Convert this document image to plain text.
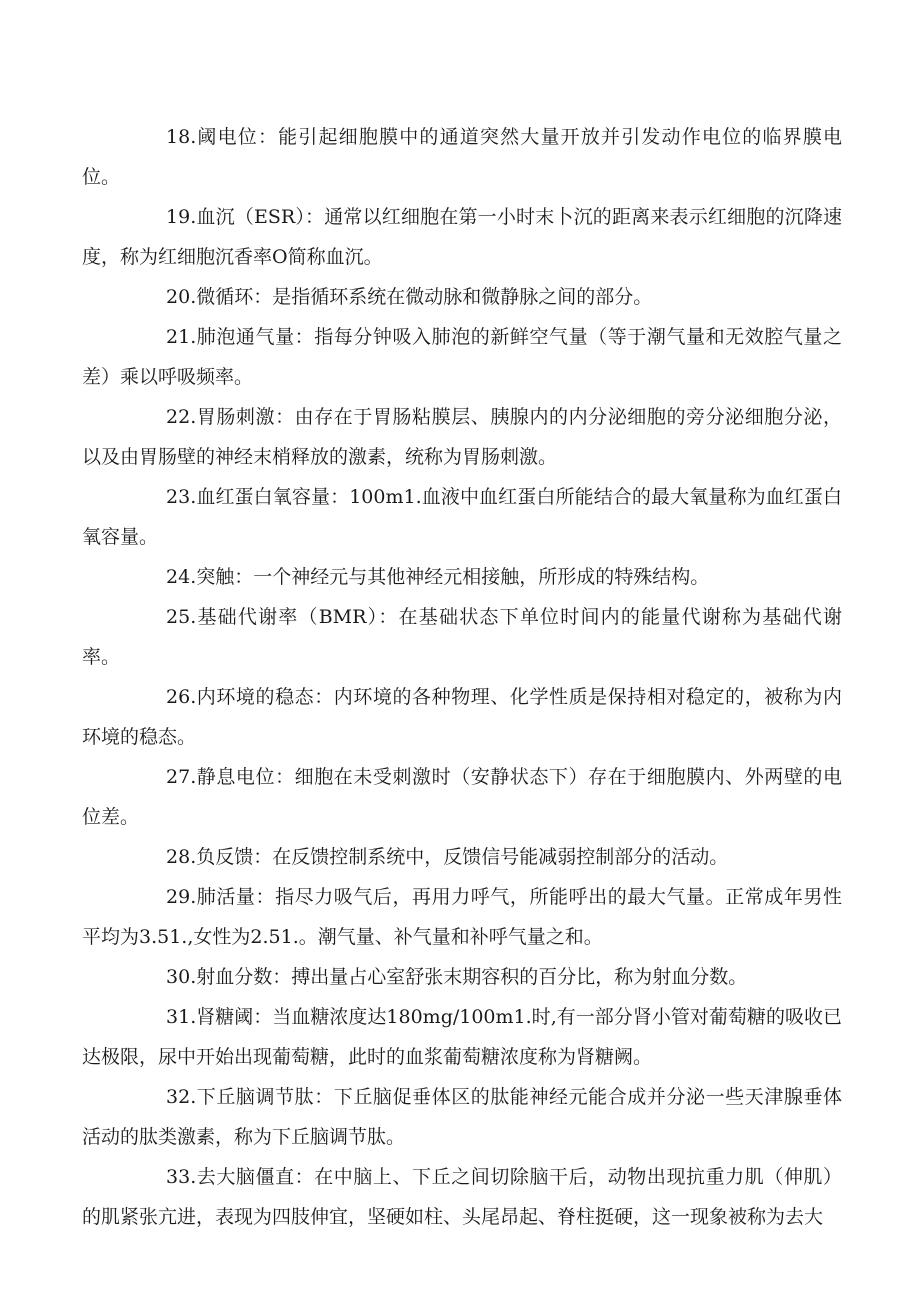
18.阈电位：能引起细胞膜中的通道突然大量开放并引发动作电位的临界膜电位。

19.血沉（ESR）：通常以红细胞在第一小时末卜沉的距离来表示红细胞的沉降速度，称为红细胞沉香率O简称血沉。

20.微循环：是指循环系统在微动脉和微静脉之间的部分。

21.肺泡通气量：指每分钟吸入肺泡的新鲜空气量（等于潮气量和无效腔气量之差）乘以呼吸频率。

22.胃肠刺激：由存在于胃肠粘膜层、胰腺内的内分泌细胞的旁分泌细胞分泌，以及由胃肠壁的神经末梢释放的激素，统称为胃肠刺激。

23.血红蛋白氧容量：100m1.血液中血红蛋白所能结合的最大氧量称为血红蛋白氧容量。

24.突触：一个神经元与其他神经元相接触，所形成的特殊结构。

25.基础代谢率（BMR）：在基础状态下单位时间内的能量代谢称为基础代谢率。

26.内环境的稳态：内环境的各种物理、化学性质是保持相对稳定的，被称为内环境的稳态。

27.静息电位：细胞在未受刺激时（安静状态下）存在于细胞膜内、外两壁的电位差。

28.负反馈：在反馈控制系统中，反馈信号能减弱控制部分的活动。

29.肺活量：指尽力吸气后，再用力呼气，所能呼出的最大气量。正常成年男性平均为3.51.,女性为2.51.。潮气量、补气量和补呼气量之和。

30.射血分数：搏出量占心室舒张末期容积的百分比，称为射血分数。

31.肾糖阈：当血糖浓度达180mg/100m1.时,有一部分肾小管对葡萄糖的吸收已达极限，尿中开始出现葡萄糖，此时的血浆葡萄糖浓度称为肾糖阙。

32.下丘脑调节肽：下丘脑促垂体区的肽能神经元能合成并分泌一些天津腺垂体活动的肽类激素，称为下丘脑调节肽。

33.去大脑僵直：在中脑上、下丘之间切除脑干后，动物出现抗重力肌（伸肌）的肌紧张亢进，表现为四肢伸宜，坚硬如柱、头尾昂起、脊柱挺硬，这一现象被称为去大
